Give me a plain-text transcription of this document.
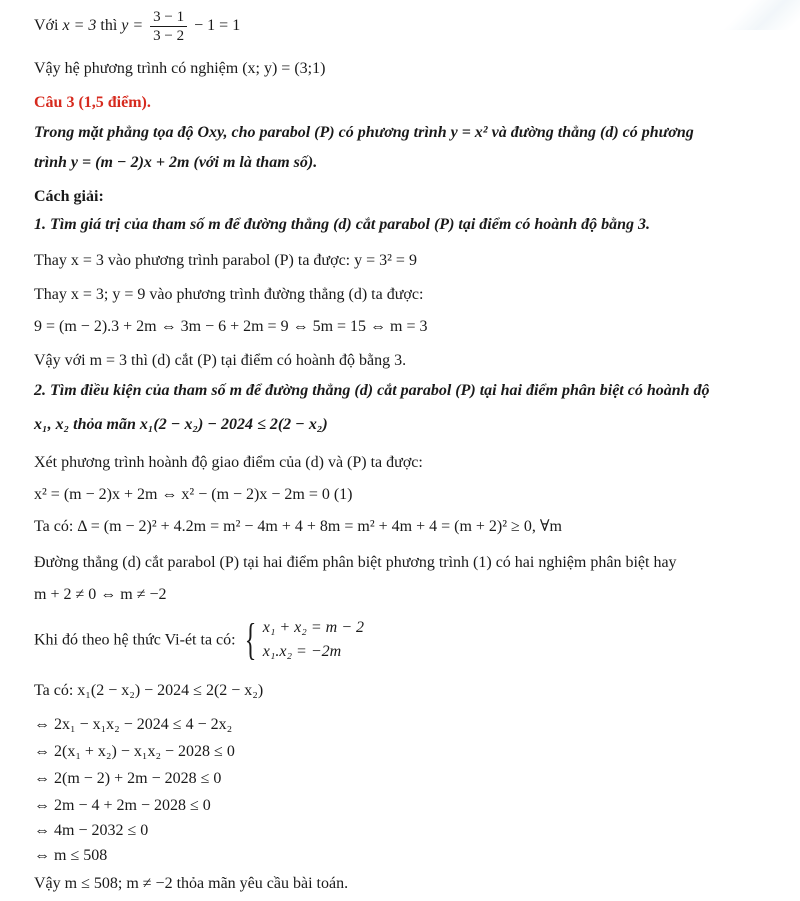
Với x = 3 thì $y = \frac{3 - 1}{3 - 2} - 1 = 1$
Vậy hệ phương trình có nghiệm (x; y) = (3;1)
Câu 3 (1,5 điểm).
Trong mặt phẳng tọa độ Oxy, cho parabol (P) có phương trình y = x² và đường thẳng (d) có phương
trình y = (m − 2)x + 2m (với m là tham số).
Cách giải:
1. Tìm giá trị của tham số m để đường thẳng (d) cắt parabol (P) tại điểm có hoành độ bằng 3.
Thay x = 3 vào phương trình parabol (P) ta được: y = 3² = 9
Thay x = 3; y = 9 vào phương trình đường thẳng (d) ta được:
9 = (m − 2).3 + 2m ⇔ 3m − 6 + 2m = 9 ⇔ 5m = 15 ⇔ m = 3
Vậy với m = 3 thì (d) cắt (P) tại điểm có hoành độ bằng 3.
2. Tìm điều kiện của tham số m để đường thẳng (d) cắt parabol (P) tại hai điểm phân biệt có hoành độ
x₁, x₂ thỏa mãn x₁(2 − x₂) − 2024 ≤ 2(2 − x₂)
Xét phương trình hoành độ giao điểm của (d) và (P) ta được:
x² = (m − 2)x + 2m ⇔ x² − (m − 2)x − 2m = 0 (1)
Ta có: Δ = (m − 2)² + 4.2m = m² − 4m + 4 + 8m = m² + 4m + 4 = (m + 2)² ≥ 0, ∀m
Đường thẳng (d) cắt parabol (P) tại hai điểm phân biệt phương trình (1) có hai nghiệm phân biệt hay
m + 2 ≠ 0 ⇔ m ≠ −2
Khi đó theo hệ thức Vi-ét ta có: { x₁ + x₂ = m − 2
x₁.x₂ = −2m
Ta có: x₁(2 − x₂) − 2024 ≤ 2(2 − x₂)
⇔ 2x₁ − x₁x₂ − 2024 ≤ 4 − 2x₂
⇔ 2(x₁ + x₂) − x₁x₂ − 2028 ≤ 0
⇔ 2(m − 2) + 2m − 2028 ≤ 0
⇔ 2m − 4 + 2m − 2028 ≤ 0
⇔ 4m − 2032 ≤ 0
⇔ m ≤ 508
Vậy m ≤ 508; m ≠ −2 thỏa mãn yêu cầu bài toán.
